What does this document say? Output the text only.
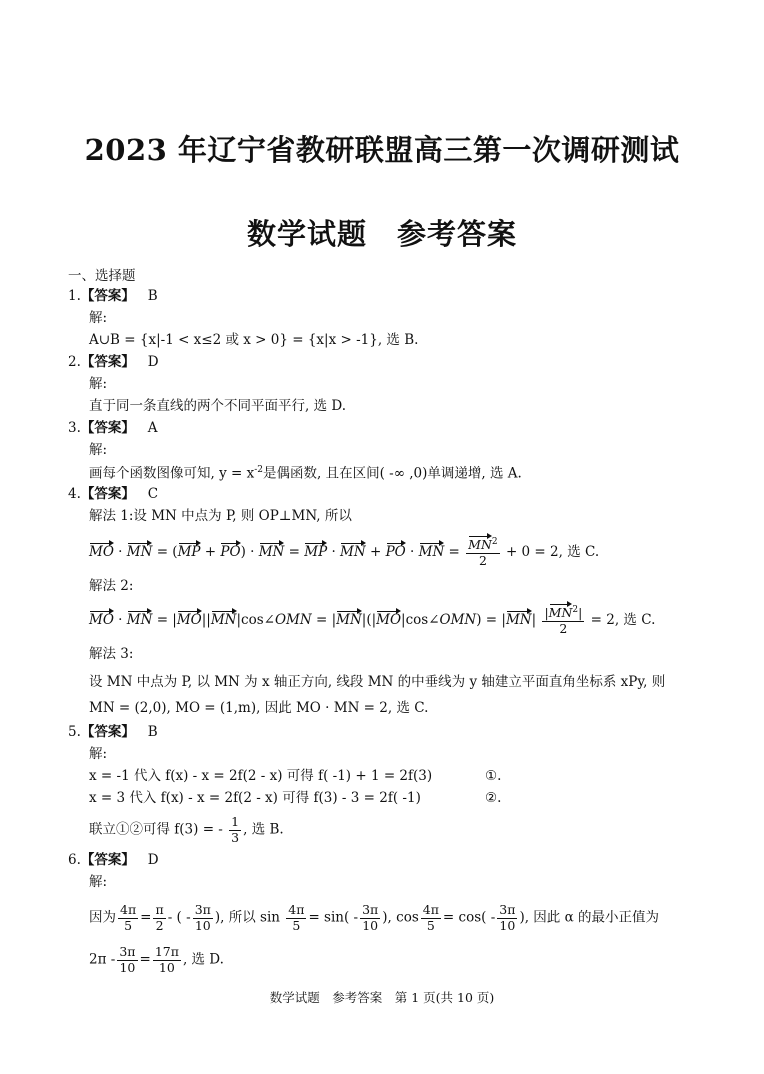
2023 年辽宁省教研联盟高三第一次调研测试
数学试题　参考答案
一、选择题
1.【答案】 B
解:
A∪B = {x|-1 < x≤2 或 x > 0} = {x|x > -1}, 选 B.
2.【答案】 D
解:
直于同一条直线的两个不同平面平行, 选 D.
3.【答案】 A
解:
画每个函数图像可知, $y = x^{-2}$是偶函数, 且在区间( -∞ ,0)单调递增, 选 A.
4.【答案】 C
解法 1:设 MN 中点为 P, 则 OP⊥MN, 所以
MO · MN = (MP + PO) · MN = MP · MN + PO · MN = $\frac{MN^2}{2} + 0 = 2$, 选 C.
解法 2:
MO · MN = |MO||MN|cos∠OMN = |MN|(|MO|cos∠OMN) = $|MN| \frac{|MN^2|}{2} = 2$, 选 C.
解法 3:
设 MN 中点为 P, 以 MN 为 x 轴正方向, 线段 MN 的中垂线为 y 轴建立平面直角坐标系 xPy, 则
MN = (2,0), MO = (1,m), 因此 MO · MN = 2, 选 C.
5.【答案】 B
解:
x = -1 代入 f(x) - x = 2f(2 - x) 可得 f( -1) + 1 = 2f(3)	①.
x = 3 代入 f(x) - x = 2f(2 - x) 可得 f(3) - 3 = 2f( -1)	②.
联立①②可得 f(3) = - $\frac{1}{3}$ , 选 B.
6.【答案】 D
解:
因为 $\frac{4\pi}{5} = \frac{\pi}{2}$ - ( - $\frac{3\pi}{10}$ ), 所以 $\sin \frac{4\pi}{5} = \sin( - \frac{3\pi}{10}$ ), $\cos \frac{4\pi}{5} = \cos( - \frac{3\pi}{10}$ ), 因此 α 的最小正值为
$2\pi - \frac{3\pi}{10} = \frac{17\pi}{10}$ , 选 D.
数学试题　参考答案　第 1 页(共 10 页)
